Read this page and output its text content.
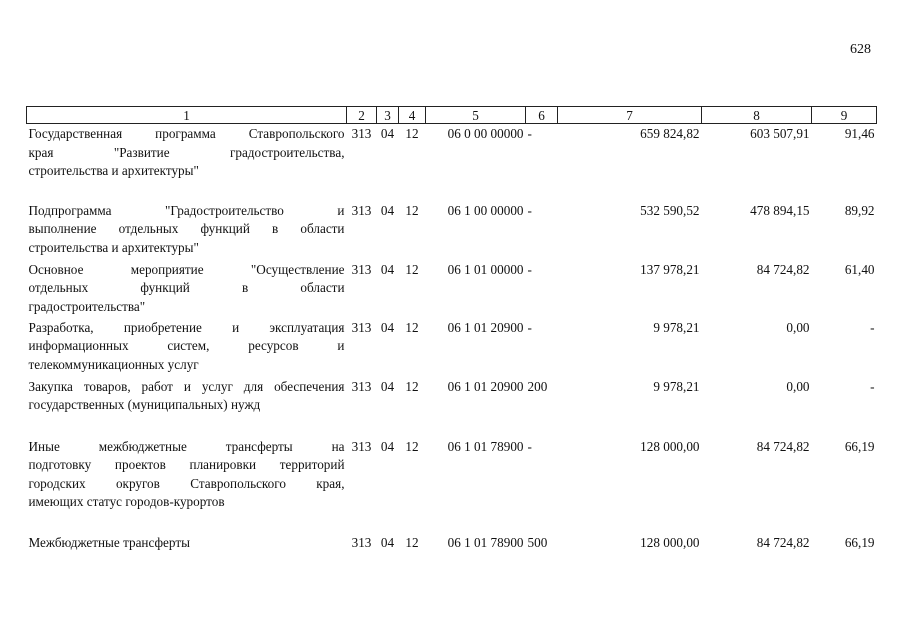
628
1	2	3	4	5	6	7	8	9

Государственная программа Ставропольского
края "Развитие градостроительства,
строительства и архитектуры"	313	04	12	06 0 00 00000	-	659 824,82	603 507,91	91,46

Подпрограмма "Градостроительство и
выполнение отдельных функций в области
строительства и архитектуры"	313	04	12	06 1 00 00000	-	532 590,52	478 894,15	89,92

Основное мероприятие "Осуществление
отдельных функций в области
градостроительства"	313	04	12	06 1 01 00000	-	137 978,21	84 724,82	61,40

Разработка, приобретение и эксплуатация
информационных систем, ресурсов и
телекоммуникационных услуг	313	04	12	06 1 01 20900	-	9 978,21	0,00	-

Закупка товаров, работ и услуг для обеспечения
государственных (муниципальных) нужд	313	04	12	06 1 01 20900	200	9 978,21	0,00	-

Иные межбюджетные трансферты на
подготовку проектов планировки территорий
городских округов Ставропольского края,
имеющих статус городов-курортов	313	04	12	06 1 01 78900	-	128 000,00	84 724,82	66,19

Межбюджетные трансферты	313	04	12	06 1 01 78900	500	128 000,00	84 724,82	66,19
